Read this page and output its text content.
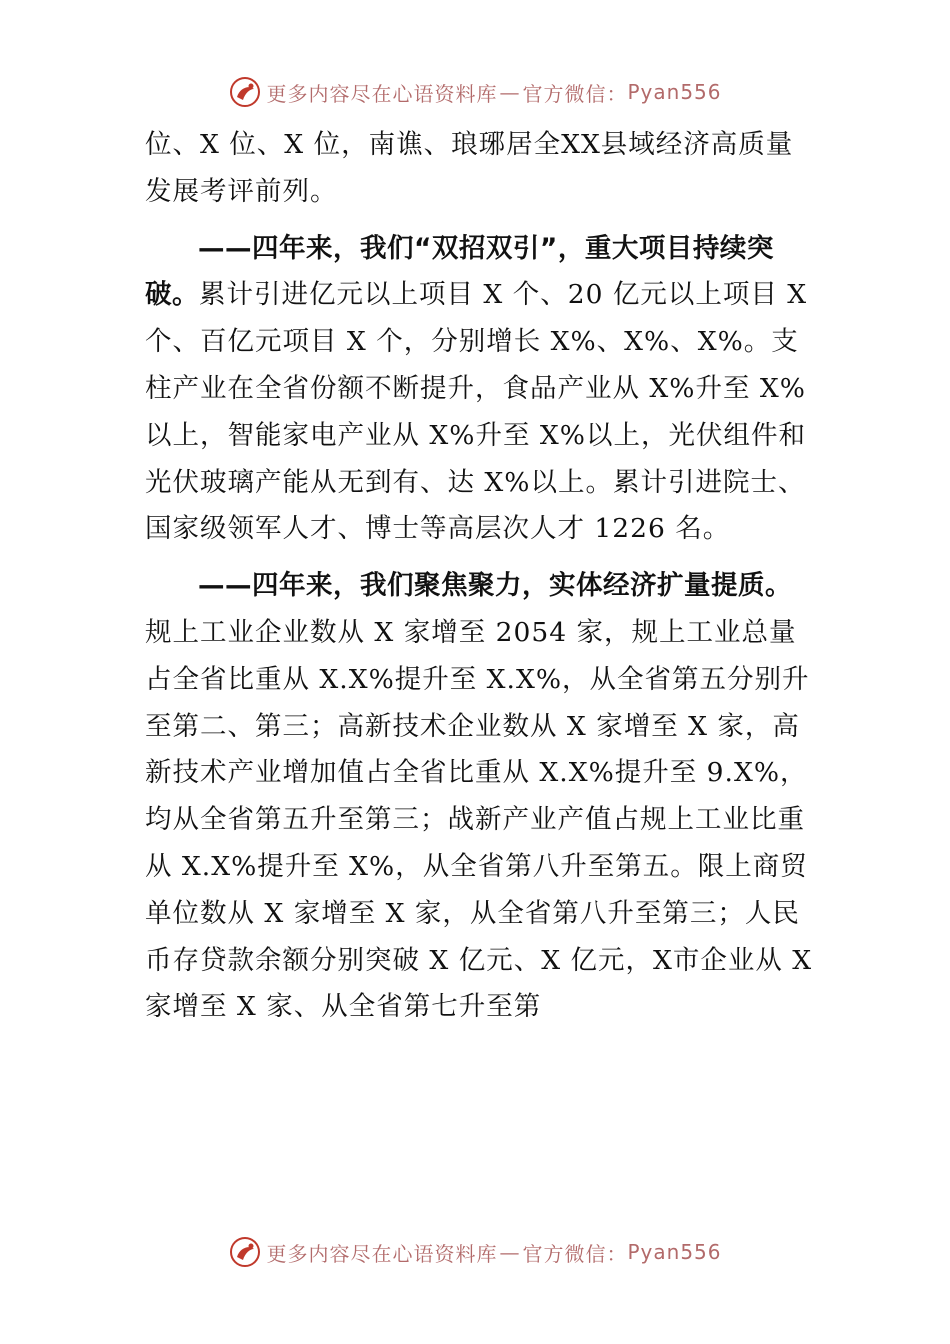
更多内容尽在心语资料库 — 官方微信： Pyan556

位、X 位、X 位，南谯、琅琊居全XX县域经济高质量发展考评前列。

——四年来，我们“双招双引”，重大项目持续突破。累计引进亿元以上项目 X 个、20 亿元以上项目 X 个、百亿元项目 X 个，分别增长 X%、X%、X%。支柱产业在全省份额不断提升，食品产业从 X%升至 X%以上，智能家电产业从 X%升至 X%以上，光伏组件和光伏玻璃产能从无到有、达 X%以上。累计引进院士、国家级领军人才、博士等高层次人才 1226 名。

——四年来，我们聚焦聚力，实体经济扩量提质。规上工业企业数从 X 家增至 2054 家，规上工业总量占全省比重从 X.X%提升至 X.X%，从全省第五分别升至第二、第三；高新技术企业数从 X 家增至 X 家，高新技术产业增加值占全省比重从 X.X%提升至 9.X%，均从全省第五升至第三；战新产业产值占规上工业比重从 X.X%提升至 X%，从全省第八升至第五。限上商贸单位数从 X 家增至 X 家，从全省第八升至第三；人民币存贷款余额分别突破 X 亿元、X 亿元，X市企业从 X 家增至 X 家、从全省第七升至第

更多内容尽在心语资料库 — 官方微信： Pyan556
